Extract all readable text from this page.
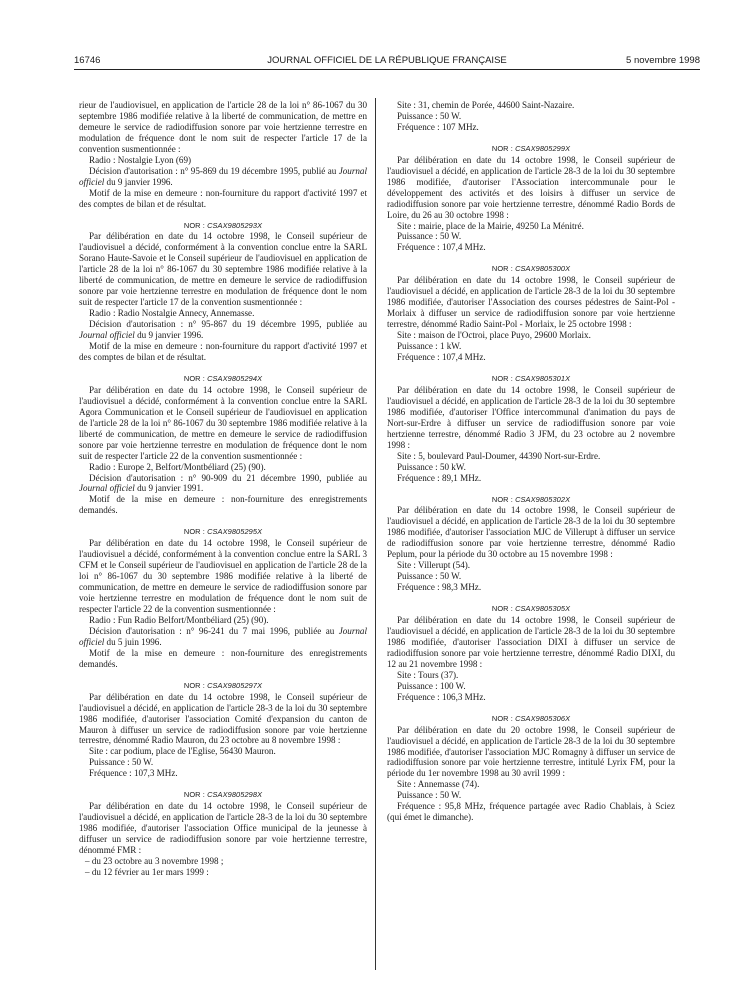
16746	JOURNAL OFFICIEL DE LA RÉPUBLIQUE FRANÇAISE	5 novembre 1998

rieur de l'audiovisuel, en application de l'article 28 de la loi n° 86-1067 du 30 septembre 1986 modifiée relative à la liberté de communication, de mettre en demeure le service de radiodiffusion sonore par voie hertzienne terrestre en modulation de fréquence dont le nom suit de respecter l'article 17 de la convention susmentionnée :

Radio : Nostalgie Lyon (69)

Décision d'autorisation : n° 95-869 du 19 décembre 1995, publié au Journal officiel du 9 janvier 1996.

Motif de la mise en demeure : non-fourniture du rapport d'activité 1997 et des comptes de bilan et de résultat.

NOR : CSAX9805293X

Par délibération en date du 14 octobre 1998, le Conseil supérieur de l'audiovisuel a décidé, conformément à la convention conclue entre la SARL Sorano Haute-Savoie et le Conseil supérieur de l'audiovisuel en application de l'article 28 de la loi n° 86-1067 du 30 septembre 1986 modifiée relative à la liberté de communication, de mettre en demeure le service de radiodiffusion sonore par voie hertzienne terrestre en modulation de fréquence dont le nom suit de respecter l'article 17 de la convention susmentionnée :

Radio : Radio Nostalgie Annecy, Annemasse.

Décision d'autorisation : n° 95-867 du 19 décembre 1995, publiée au Journal officiel du 9 janvier 1996.

Motif de la mise en demeure : non-fourniture du rapport d'activité 1997 et des comptes de bilan et de résultat.

NOR : CSAX9805294X

Par délibération en date du 14 octobre 1998, le Conseil supérieur de l'audiovisuel a décidé, conformément à la convention conclue entre la SARL Agora Communication et le Conseil supérieur de l'audiovisuel en application de l'article 28 de la loi n° 86-1067 du 30 septembre 1986 modifiée relative à la liberté de communication, de mettre en demeure le service de radiodiffusion sonore par voie hertzienne terrestre en modulation de fréquence dont le nom suit de respecter l'article 22 de la convention susmentionnée :

Radio : Europe 2, Belfort/Montbéliard (25) (90).

Décision d'autorisation : n° 90-909 du 21 décembre 1990, publiée au Journal officiel du 9 janvier 1991.

Motif de la mise en demeure : non-fourniture des enregistrements demandés.

NOR : CSAX9805295X

Par délibération en date du 14 octobre 1998, le Conseil supérieur de l'audiovisuel a décidé, conformément à la convention conclue entre la SARL 3 CFM et le Conseil supérieur de l'audiovisuel en application de l'article 28 de la loi n° 86-1067 du 30 septembre 1986 modifiée relative à la liberté de communication, de mettre en demeure le service de radiodiffusion sonore par voie hertzienne terrestre en modulation de fréquence dont le nom suit de respecter l'article 22 de la convention susmentionnée :

Radio : Fun Radio Belfort/Montbéliard (25) (90).

Décision d'autorisation : n° 96-241 du 7 mai 1996, publiée au Journal officiel du 5 juin 1996.

Motif de la mise en demeure : non-fourniture des enregistrements demandés.

NOR : CSAX9805297X

Par délibération en date du 14 octobre 1998, le Conseil supérieur de l'audiovisuel a décidé, en application de l'article 28-3 de la loi du 30 septembre 1986 modifiée, d'autoriser l'association Comité d'expansion du canton de Mauron à diffuser un service de radiodiffusion sonore par voie hertzienne terrestre, dénommé Radio Mauron, du 23 octobre au 8 novembre 1998 :

Site : car podium, place de l'Eglise, 56430 Mauron.

Puissance : 50 W.

Fréquence : 107,3 MHz.

NOR : CSAX9805298X

Par délibération en date du 14 octobre 1998, le Conseil supérieur de l'audiovisuel a décidé, en application de l'article 28-3 de la loi du 30 septembre 1986 modifiée, d'autoriser l'association Office municipal de la jeunesse à diffuser un service de radiodiffusion sonore par voie hertzienne terrestre, dénommé FMR :

– du 23 octobre au 3 novembre 1998 ;

– du 12 février au 1er mars 1999 :

Site : 31, chemin de Porée, 44600 Saint-Nazaire.

Puissance : 50 W.

Fréquence : 107 MHz.

NOR : CSAX9805299X

Par délibération en date du 14 octobre 1998, le Conseil supérieur de l'audiovisuel a décidé, en application de l'article 28-3 de la loi du 30 septembre 1986 modifiée, d'autoriser l'Association intercommunale pour le développement des activités et des loisirs à diffuser un service de radiodiffusion sonore par voie hertzienne terrestre, dénommé Radio Bords de Loire, du 26 au 30 octobre 1998 :

Site : mairie, place de la Mairie, 49250 La Ménitré.

Puissance : 50 W.

Fréquence : 107,4 MHz.

NOR : CSAX9805300X

Par délibération en date du 14 octobre 1998, le Conseil supérieur de l'audiovisuel a décidé, en application de l'article 28-3 de la loi du 30 septembre 1986 modifiée, d'autoriser l'Association des courses pédestres de Saint-Pol - Morlaix à diffuser un service de radiodiffusion sonore par voie hertzienne terrestre, dénommé Radio Saint-Pol - Morlaix, le 25 octobre 1998 :

Site : maison de l'Octroi, place Puyo, 29600 Morlaix.

Puissance : 1 kW.

Fréquence : 107,4 MHz.

NOR : CSAX9805301X

Par délibération en date du 14 octobre 1998, le Conseil supérieur de l'audiovisuel a décidé, en application de l'article 28-3 de la loi du 30 septembre 1986 modifiée, d'autoriser l'Office intercommunal d'animation du pays de Nort-sur-Erdre à diffuser un service de radiodiffusion sonore par voie hertzienne terrestre, dénommé Radio 3 JFM, du 23 octobre au 2 novembre 1998 :

Site : 5, boulevard Paul-Doumer, 44390 Nort-sur-Erdre.

Puissance : 50 kW.

Fréquence : 89,1 MHz.

NOR : CSAX9805302X

Par délibération en date du 14 octobre 1998, le Conseil supérieur de l'audiovisuel a décidé, en application de l'article 28-3 de la loi du 30 septembre 1986 modifiée, d'autoriser l'association MJC de Villerupt à diffuser un service de radiodiffusion sonore par voie hertzienne terrestre, dénommé Radio Peplum, pour la période du 30 octobre au 15 novembre 1998 :

Site : Villerupt (54).

Puissance : 50 W.

Fréquence : 98,3 MHz.

NOR : CSAX9805305X

Par délibération en date du 14 octobre 1998, le Conseil supérieur de l'audiovisuel a décidé, en application de l'article 28-3 de la loi du 30 septembre 1986 modifiée, d'autoriser l'association DIXI à diffuser un service de radiodiffusion sonore par voie hertzienne terrestre, dénommé Radio DIXI, du 12 au 21 novembre 1998 :

Site : Tours (37).

Puissance : 100 W.

Fréquence : 106,3 MHz.

NOR : CSAX9805306X

Par délibération en date du 20 octobre 1998, le Conseil supérieur de l'audiovisuel a décidé, en application de l'article 28-3 de la loi du 30 septembre 1986 modifiée, d'autoriser l'association MJC Romagny à diffuser un service de radiodiffusion sonore par voie hertzienne terrestre, intitulé Lyrix FM, pour la période du 1er novembre 1998 au 30 avril 1999 :

Site : Annemasse (74).

Puissance : 50 W.

Fréquence : 95,8 MHz, fréquence partagée avec Radio Chablais, à Sciez (qui émet le dimanche).
